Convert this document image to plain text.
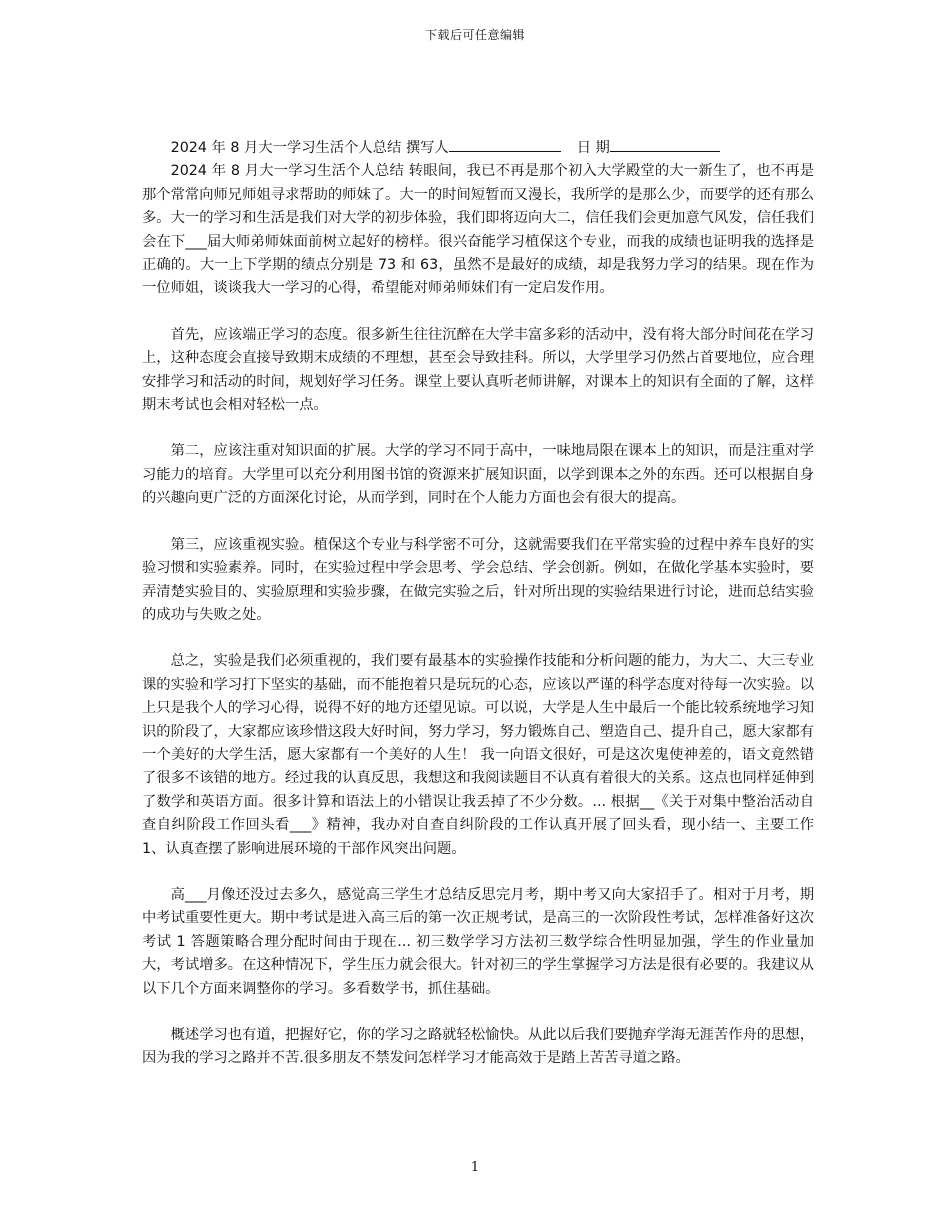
下载后可任意编辑

2024 年 8 月大一学习生活个人总结 撰写人	日 期

2024 年 8 月大一学习生活个人总结 转眼间，我已不再是那个初入大学殿堂的大一新生了，也不再是那个常常向师兄师姐寻求帮助的师妹了。大一的时间短暂而又漫长，我所学的是那么少，而要学的还有那么多。大一的学习和生活是我们对大学的初步体验，我们即将迈向大二，信任我们会更加意气风发，信任我们会在下___届大师弟师妹面前树立起好的榜样。很兴奋能学习植保这个专业，而我的成绩也证明我的选择是正确的。大一上下学期的绩点分别是 73 和 63，虽然不是最好的成绩，却是我努力学习的结果。现在作为一位师姐，谈谈我大一学习的心得，希望能对师弟师妹们有一定启发作用。

首先，应该端正学习的态度。很多新生往往沉醉在大学丰富多彩的活动中，没有将大部分时间花在学习上，这种态度会直接导致期末成绩的不理想，甚至会导致挂科。所以，大学里学习仍然占首要地位，应合理安排学习和活动的时间，规划好学习任务。课堂上要认真听老师讲解，对课本上的知识有全面的了解，这样期末考试也会相对轻松一点。

第二，应该注重对知识面的扩展。大学的学习不同于高中，一味地局限在课本上的知识，而是注重对学习能力的培育。大学里可以充分利用图书馆的资源来扩展知识面，以学到课本之外的东西。还可以根据自身的兴趣向更广泛的方面深化讨论，从而学到，同时在个人能力方面也会有很大的提高。

第三，应该重视实验。植保这个专业与科学密不可分，这就需要我们在平常实验的过程中养车良好的实验习惯和实验素养。同时，在实验过程中学会思考、学会总结、学会创新。例如，在做化学基本实验时，要弄清楚实验目的、实验原理和实验步骤，在做完实验之后，针对所出现的实验结果进行讨论，进而总结实验的成功与失败之处。

总之，实验是我们必须重视的，我们要有最基本的实验操作技能和分析问题的能力，为大二、大三专业课的实验和学习打下坚实的基础，而不能抱着只是玩玩的心态，应该以严谨的科学态度对待每一次实验。以上只是我个人的学习心得，说得不好的地方还望见谅。可以说，大学是人生中最后一个能比较系统地学习知识的阶段了，大家都应该珍惜这段大好时间，努力学习，努力锻炼自己、塑造自己、提升自己，愿大家都有一个美好的大学生活，愿大家都有一个美好的人生！ 我一向语文很好，可是这次鬼使神差的，语文竟然错了很多不该错的地方。经过我的认真反思，我想这和我阅读题目不认真有着很大的关系。这点也同样延伸到了数学和英语方面。很多计算和语法上的小错误让我丢掉了不少分数。... 根据__《关于对集中整治活动自查自纠阶段工作回头看___》精神，我办对自查自纠阶段的工作认真开展了回头看，现小结一、主要工作 1、认真查摆了影响进展环境的干部作风突出问题。

高___月像还没过去多久，感觉高三学生才总结反思完月考，期中考又向大家招手了。相对于月考，期中考试重要性更大。期中考试是进入高三后的第一次正规考试，是高三的一次阶段性考试，怎样准备好这次考试 1 答题策略合理分配时间由于现在... 初三数学学习方法初三数学综合性明显加强，学生的作业量加大，考试增多。在这种情况下，学生压力就会很大。针对初三的学生掌握学习方法是很有必要的。我建议从以下几个方面来调整你的学习。多看数学书，抓住基础。

概述学习也有道，把握好它，你的学习之路就轻松愉快。从此以后我们要抛弃学海无涯苦作舟的思想，因为我的学习之路并不苦.很多朋友不禁发问怎样学习才能高效于是踏上苦苦寻道之路。

1
